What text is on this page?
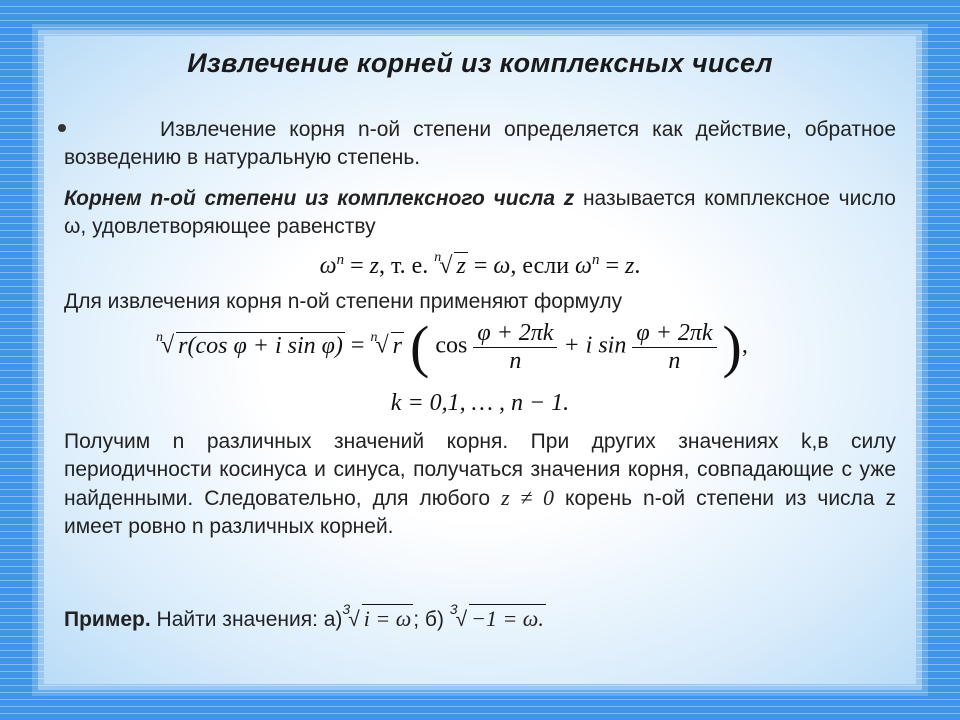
Извлечение корней из комплексных чисел
Извлечение корня n-ой степени определяется как действие, обратное возведению в натуральную степень.
Корнем n-ой степени из комплексного числа z называется комплексное число ω, удовлетворяющее равенству
$\omega^n = z$, т. е. $^n$√ z = ω, если $\omega^n = z$.
Для извлечения корня n-ой степени применяют формулу
$^n$√ r(cos φ + i sin φ) = $^n$√ r ( $\cos \frac{\varphi + 2\pi k}{n} + i$ $\sin \frac{\varphi + 2\pi k}{n}$ ),
k = 0,1, … , n − 1.
Получим n различных значений корня. При других значениях k,в силу периодичности косинуса и синуса, получаться значения корня, совпадающие с уже найденными. Следовательно, для любого z ≠ 0 корень n-ой степени из числа z имеет ровно n различных корней.
Пример. Найти значения: а)$^3$√ i = ω; б) $^3$√ −1 = ω.
